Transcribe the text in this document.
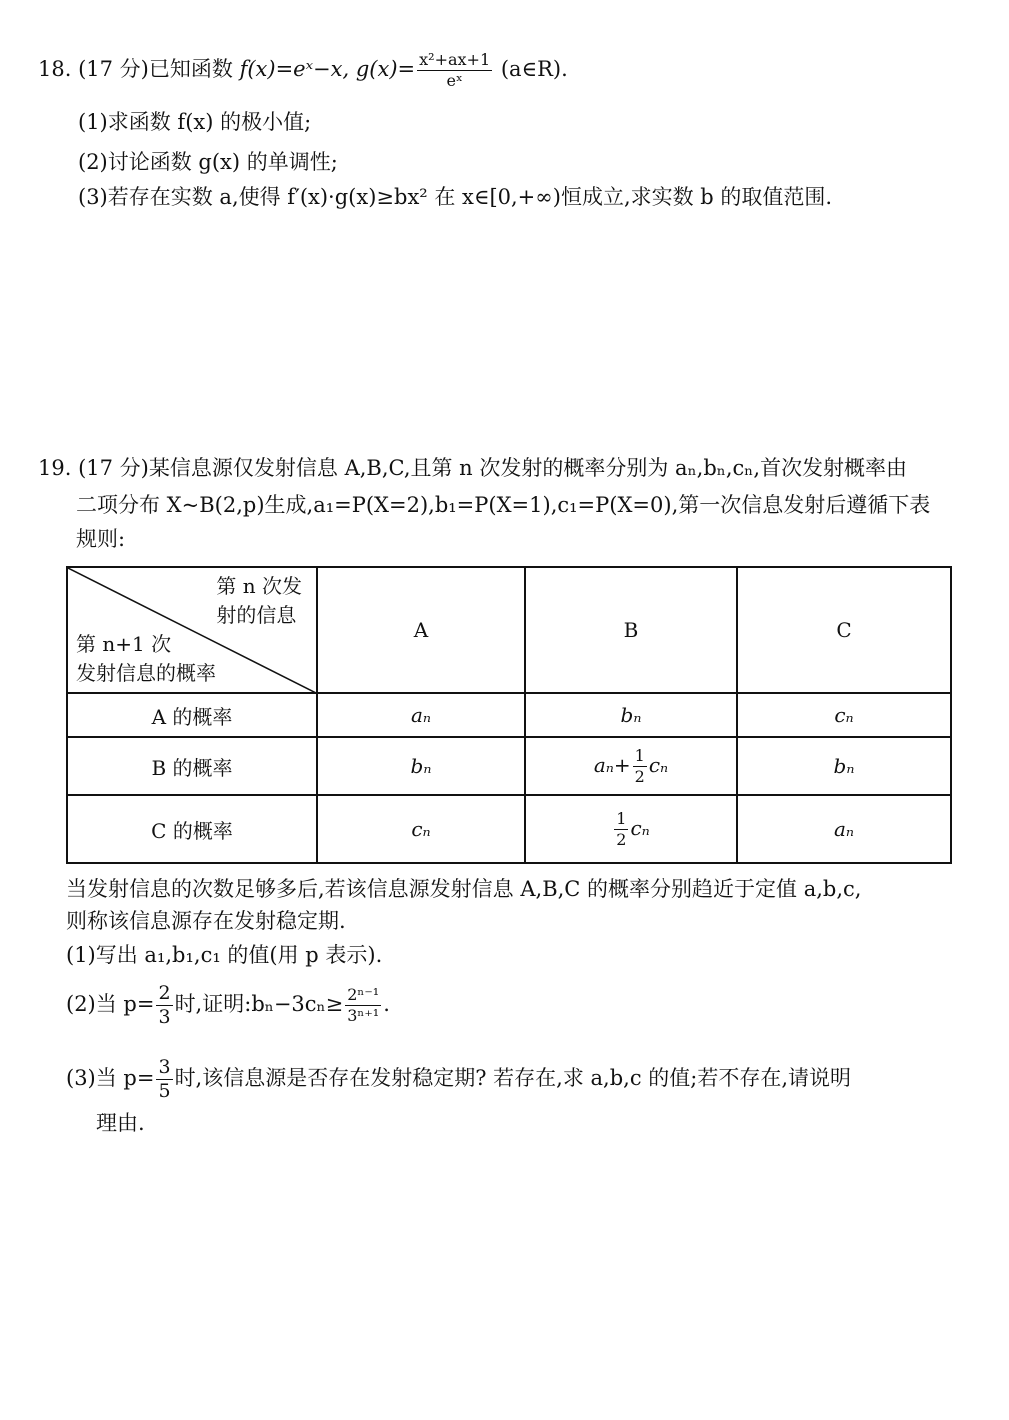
18. (17 分)已知函数 f(x)=eˣ−x, $g(x)= \frac{\text{x²+ax+1}}{\text{eˣ}}$ (a∈R).
(1)求函数 f(x) 的极小值;
(2)讨论函数 g(x) 的单调性;
(3)若存在实数 a,使得 f′(x)·g(x)≥bx² 在 x∈[0,+∞)恒成立,求实数 b 的取值范围.
19. (17 分)某信息源仅发射信息 A,B,C,且第 n 次发射的概率分别为 aₙ,bₙ,cₙ,首次发射概率由
二项分布 X~B(2,p)生成,a₁=P(X=2),b₁=P(X=1),c₁=P(X=0),第一次信息发射后遵循下表
规则:
第 n 次发
射的信息
第 n+1 次
发射信息的概率	A	B	C
A 的概率	aₙ	bₙ	cₙ
B 的概率	bₙ	$a_n+ \frac{1}{2}$ cₙ	bₙ
C 的概率	cₙ	$\frac{1}{2}$ cₙ	aₙ
当发射信息的次数足够多后,若该信息源发射信息 A,B,C 的概率分别趋近于定值 a,b,c,
则称该信息源存在发射稳定期.
(1)写出 a₁,b₁,c₁ 的值(用 p 表示).
(2)当 $p= \frac{2}{3}$ 时,证明:bₙ−3cₙ≥ $\frac{\text{2ⁿ⁻¹}}{\text{3ⁿ⁺¹}}$ .
(3)当 $p= \frac{3}{5}$ 时,该信息源是否存在发射稳定期? 若存在,求 a,b,c 的值;若不存在,请说明
理由.
